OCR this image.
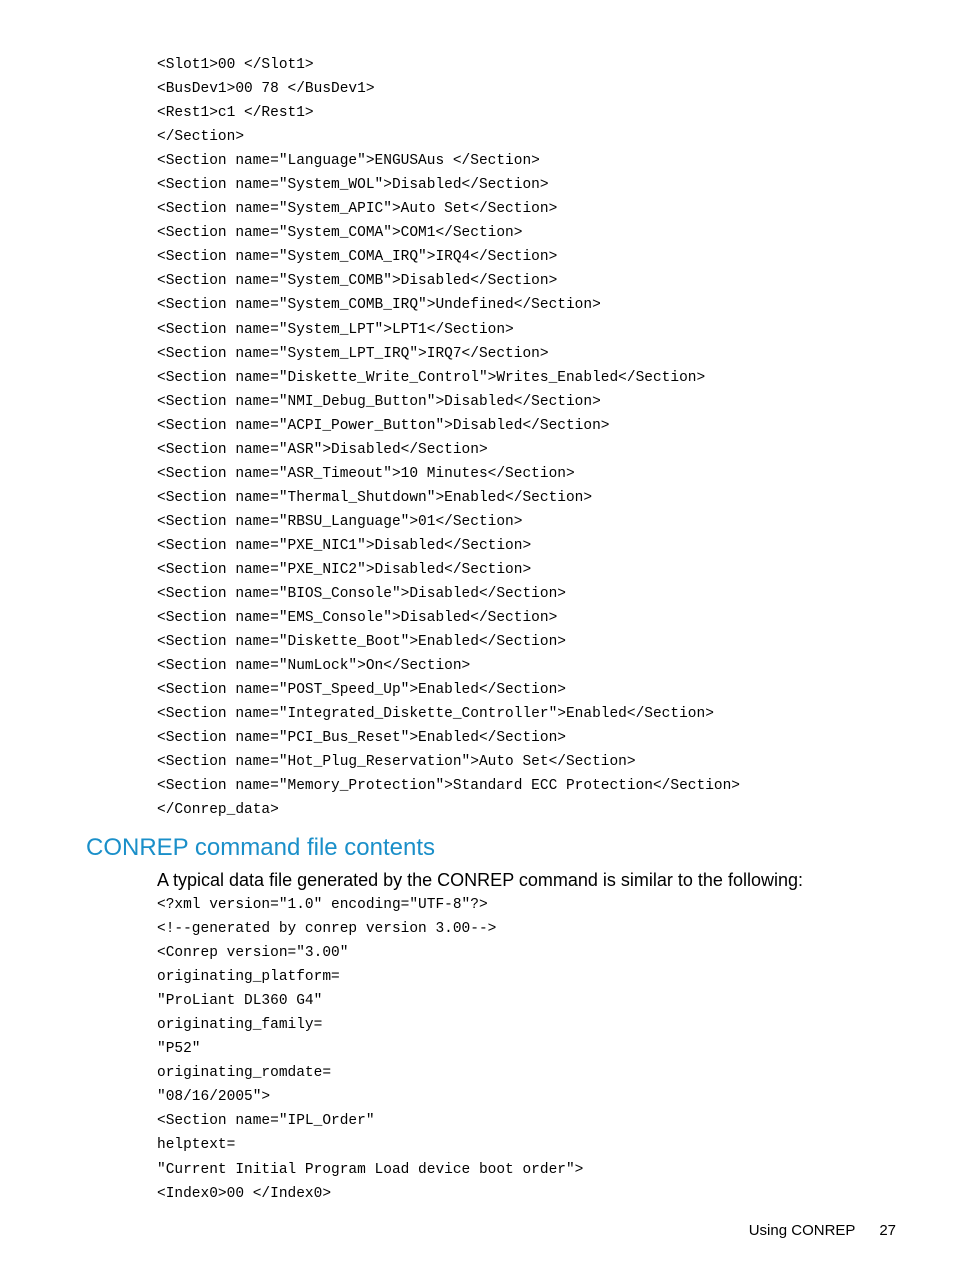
<Slot1>00 </Slot1>
<BusDev1>00 78 </BusDev1>
<Rest1>c1 </Rest1>
</Section>
<Section name="Language">ENGUSAus </Section>
<Section name="System_WOL">Disabled</Section>
<Section name="System_APIC">Auto Set</Section>
<Section name="System_COMA">COM1</Section>
<Section name="System_COMA_IRQ">IRQ4</Section>
<Section name="System_COMB">Disabled</Section>
<Section name="System_COMB_IRQ">Undefined</Section>
<Section name="System_LPT">LPT1</Section>
<Section name="System_LPT_IRQ">IRQ7</Section>
<Section name="Diskette_Write_Control">Writes_Enabled</Section>
<Section name="NMI_Debug_Button">Disabled</Section>
<Section name="ACPI_Power_Button">Disabled</Section>
<Section name="ASR">Disabled</Section>
<Section name="ASR_Timeout">10 Minutes</Section>
<Section name="Thermal_Shutdown">Enabled</Section>
<Section name="RBSU_Language">01</Section>
<Section name="PXE_NIC1">Disabled</Section>
<Section name="PXE_NIC2">Disabled</Section>
<Section name="BIOS_Console">Disabled</Section>
<Section name="EMS_Console">Disabled</Section>
<Section name="Diskette_Boot">Enabled</Section>
<Section name="NumLock">On</Section>
<Section name="POST_Speed_Up">Enabled</Section>
<Section name="Integrated_Diskette_Controller">Enabled</Section>
<Section name="PCI_Bus_Reset">Enabled</Section>
<Section name="Hot_Plug_Reservation">Auto Set</Section>
<Section name="Memory_Protection">Standard ECC Protection</Section>
</Conrep_data>
CONREP command file contents

A typical data file generated by the CONREP command is similar to the following:

<?xml version="1.0" encoding="UTF-8"?>
<!--generated by conrep version 3.00-->
<Conrep version="3.00"
originating_platform=
"ProLiant DL360 G4"
originating_family=
"P52"
originating_romdate=
"08/16/2005">
<Section name="IPL_Order"
helptext=
"Current Initial Program Load device boot order">
<Index0>00 </Index0>
Using CONREP 27
